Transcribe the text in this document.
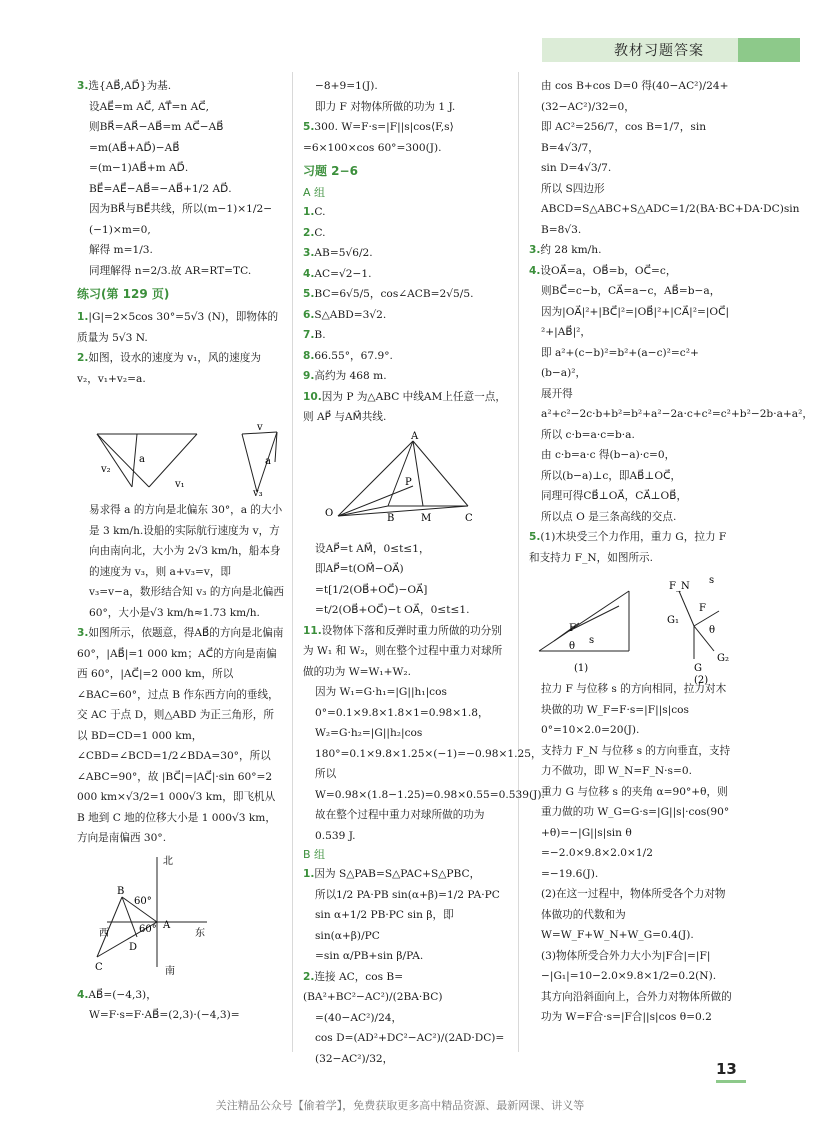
教材习题答案

3.选{AB⃗,AD⃗}为基.

设AE⃗=m AC⃗, AT⃗=n AC⃗,

则BR⃗=AR⃗−AB⃗=m AC⃗−AB⃗

=m(AB⃗+AD⃗)−AB⃗

=(m−1)AB⃗+m AD⃗.

BE⃗=AE⃗−AB⃗=−AB⃗+1/2 AD⃗.

因为BR⃗与BE⃗共线，所以(m−1)×1/2−

(−1)×m=0,

解得 m=1/3.

同理解得 n=2/3.故 AR=RT=TC.

练习(第 129 页)

1.|G|=2×5cos 30°=5√3 (N)，即物体的质量为 5√3 N.

2.如图，设水的速度为 v₁，风的速度为 v₂，v₁+v₂=a.

v
v₂
a
v₁
v₃
a

易求得 a 的方向是北偏东 30°，a 的大小是 3 km/h.设船的实际航行速度为 v，方向由南向北，大小为 2√3 km/h，船本身的速度为 v₃，则 a+v₃=v，即 v₃=v−a，数形结合知 v₃ 的方向是北偏西 60°，大小是√3 km/h≈1.73 km/h.

3.如图所示，依题意，得AB⃗的方向是北偏南 60°，|AB⃗|=1 000 km；AC⃗的方向是南偏西 60°，|AC⃗|=2 000 km，所以∠BAC=60°，过点 B 作东西方向的垂线，交 AC 于点 D，则△ABD 为正三角形，所以 BD=CD=1 000 km，∠CBD=∠BCD=1/2∠BDA=30°，所以∠ABC=90°，故 |BC⃗|=|AC⃗|·sin 60°=2 000 km×√3/2=1 000√3 km，即飞机从 B 地到 C 地的位移大小是 1 000√3 km，方向是南偏西 30°.

北
B
60°
西
A
东
60°
D
C	南

4.AB⃗=(−4,3)，

W=F·s=F·AB⃗=(2,3)·(−4,3)=

−8+9=1(J).

即力 F 对物体所做的功为 1 J.

5.300. W=F·s=|F||s|cos⟨F,s⟩=6×100×cos 60°=300(J).

习题 2−6
A 组

1.C.

2.C.

3.AB=5√6/2.

4.AC=√2−1.

5.BC=6√5/5，cos∠ACB=2√5/5.

6.S△ABD=3√2.

7.B.

8.66.55°，67.9°.

9.高约为 468 m.

10.因为 P 为△ABC 中线AM上任意一点，则 AP⃗ 与AM⃗共线.

A
P
O	B	M	C

设AP⃗=t AM⃗，0≤t≤1，

即AP⃗=t(OM⃗−OA⃗)

=t[1/2(OB⃗+OC⃗)−OA⃗]

=t/2(OB⃗+OC⃗)−t OA⃗，0≤t≤1.

11.设物体下落和反弹时重力所做的功分别为 W₁ 和 W₂，则在整个过程中重力对球所做的功为 W=W₁+W₂.

因为 W₁=G·h₁=|G||h₁|cos 0°=0.1×9.8×1.8×1=0.98×1.8，

W₂=G·h₂=|G||h₂|cos 180°=0.1×9.8×1.25×(−1)=−0.98×1.25，

所以 W=0.98×(1.8−1.25)=0.98×0.55=0.539(J).

故在整个过程中重力对球所做的功为 0.539 J.

B 组

1.因为 S△PAB=S△PAC+S△PBC，

所以1/2 PA·PB sin(α+β)=1/2 PA·PC sin α+1/2 PB·PC sin β，即 sin(α+β)/PC

=sin α/PB+sin β/PA.

2.连接 AC，cos B=(BA²+BC²−AC²)/(2BA·BC)

=(40−AC²)/24，

cos D=(AD²+DC²−AC²)/(2AD·DC)=(32−AC²)/32，

由 cos B+cos D=0 得(40−AC²)/24+(32−AC²)/32=0，

即 AC²=256/7，cos B=1/7，sin B=4√3/7，

sin D=4√3/7.

所以 S四边形ABCD=S△ABC+S△ADC=1/2(BA·BC+DA·DC)sin B=8√3.

3.约 28 km/h.

4.设OA⃗=a，OB⃗=b，OC⃗=c，

则BC⃗=c−b，CA⃗=a−c，AB⃗=b−a，

因为|OA⃗|²+|BC⃗|²=|OB⃗|²+|CA⃗|²=|OC⃗|²+|AB⃗|²，

即 a²+(c−b)²=b²+(a−c)²=c²+(b−a)²，

展开得 a²+c²−2c·b+b²=b²+a²−2a·c+c²=c²+b²−2b·a+a²，

所以 c·b=a·c=b·a.

由 c·b=a·c 得(b−a)·c=0，

所以(b−a)⊥c，即AB⃗⊥OC⃗，

同理可得CB⃗⊥OA⃗，CA⃗⊥OB⃗，

所以点 O 是三条高线的交点.

5.(1)木块受三个力作用，重力 G，拉力 F 和支持力 F_N，如图所示.

F
s
θ
(1)
F_N
s
F
G₁
θ
G
G₂
(2)

拉力 F 与位移 s 的方向相同，拉力对木块做的功 W_F=F·s=|F||s|cos 0°=10×2.0=20(J).

支持力 F_N 与位移 s 的方向垂直，支持力不做功，即 W_N=F_N·s=0.

重力 G 与位移 s 的夹角 α=90°+θ，则重力做的功 W_G=G·s=|G||s|·cos(90°+θ)=−|G||s|sin θ

=−2.0×9.8×2.0×1/2

=−19.6(J).

(2)在这一过程中，物体所受各个力对物体做功的代数和为 W=W_F+W_N+W_G=0.4(J).

(3)物体所受合外力大小为|F合|=|F|−|G₁|=10−2.0×9.8×1/2=0.2(N).

其方向沿斜面向上，合外力对物体所做的功为 W=F合·s=|F合||s|cos θ=0.2

13
关注精品公众号【偷着学】，免费获取更多高中精品资源、最新网课、讲义等
